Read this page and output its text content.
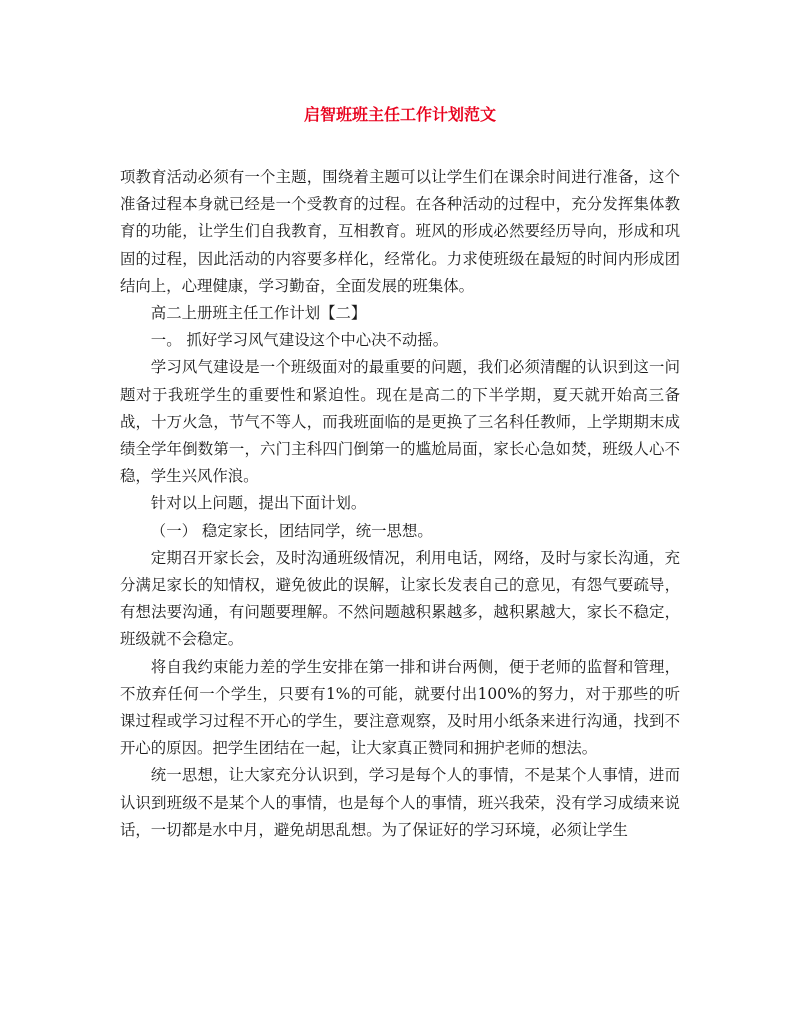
启智班班主任工作计划范文

项教育活动必须有一个主题，围绕着主题可以让学生们在课余时间进行准备，这个准备过程本身就已经是一个受教育的过程。在各种活动的过程中，充分发挥集体教育的功能，让学生们自我教育，互相教育。班风的形成必然要经历导向，形成和巩固的过程，因此活动的内容要多样化，经常化。力求使班级在最短的时间内形成团结向上，心理健康，学习勤奋，全面发展的班集体。

高二上册班主任工作计划【二】

一。 抓好学习风气建设这个中心决不动摇。

学习风气建设是一个班级面对的最重要的问题，我们必须清醒的认识到这一问题对于我班学生的重要性和紧迫性。现在是高二的下半学期，夏天就开始高三备战，十万火急，节气不等人，而我班面临的是更换了三名科任教师，上学期期末成绩全学年倒数第一，六门主科四门倒第一的尴尬局面，家长心急如焚，班级人心不稳，学生兴风作浪。

针对以上问题，提出下面计划。

（一） 稳定家长，团结同学，统一思想。

定期召开家长会，及时沟通班级情况，利用电话，网络，及时与家长沟通，充分满足家长的知情权，避免彼此的误解，让家长发表自己的意见，有怨气要疏导，有想法要沟通，有问题要理解。不然问题越积累越多，越积累越大，家长不稳定，班级就不会稳定。

将自我约束能力差的学生安排在第一排和讲台两侧，便于老师的监督和管理，不放弃任何一个学生，只要有1%的可能，就要付出100%的努力，对于那些的听课过程或学习过程不开心的学生，要注意观察，及时用小纸条来进行沟通，找到不开心的原因。把学生团结在一起，让大家真正赞同和拥护老师的想法。

统一思想，让大家充分认识到，学习是每个人的事情，不是某个人事情，进而认识到班级不是某个人的事情，也是每个人的事情，班兴我荣，没有学习成绩来说话，一切都是水中月，避免胡思乱想。为了保证好的学习环境，必须让学生
